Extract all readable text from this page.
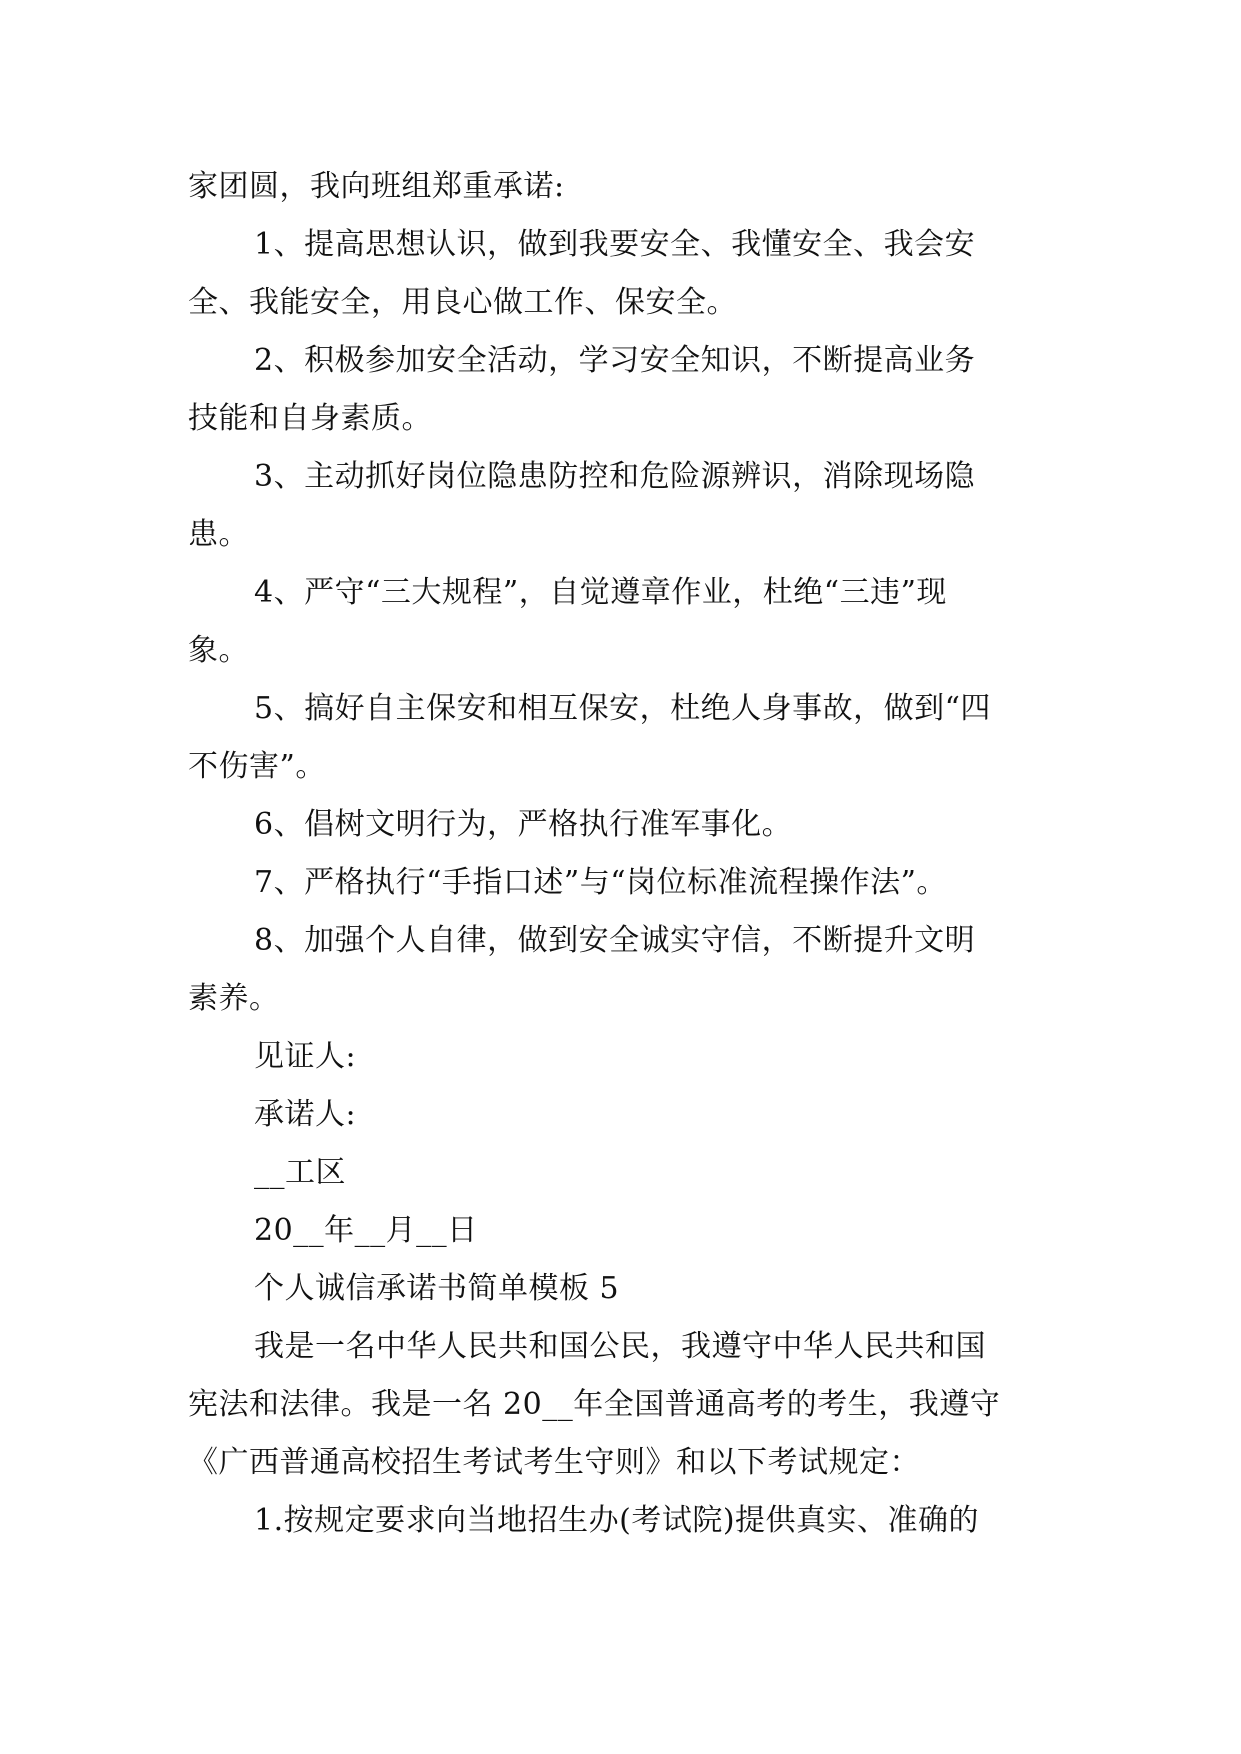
家团圆，我向班组郑重承诺:

1、提高思想认识，做到我要安全、我懂安全、我会安

全、我能安全，用良心做工作、保安全。

2、积极参加安全活动，学习安全知识，不断提高业务

技能和自身素质。

3、主动抓好岗位隐患防控和危险源辨识，消除现场隐

患。

4、严守“三大规程”，自觉遵章作业，杜绝“三违”现

象。

5、搞好自主保安和相互保安，杜绝人身事故，做到“四

不伤害”。

6、倡树文明行为，严格执行准军事化。

7、严格执行“手指口述”与“岗位标准流程操作法”。

8、加强个人自律，做到安全诚实守信，不断提升文明

素养。

见证人:

承诺人:

__工区

20__年__月__日

个人诚信承诺书简单模板 5

我是一名中华人民共和国公民，我遵守中华人民共和国

宪法和法律。我是一名 20__年全国普通高考的考生，我遵守

《广西普通高校招生考试考生守则》和以下考试规定：

1.按规定要求向当地招生办(考试院)提供真实、准确的
